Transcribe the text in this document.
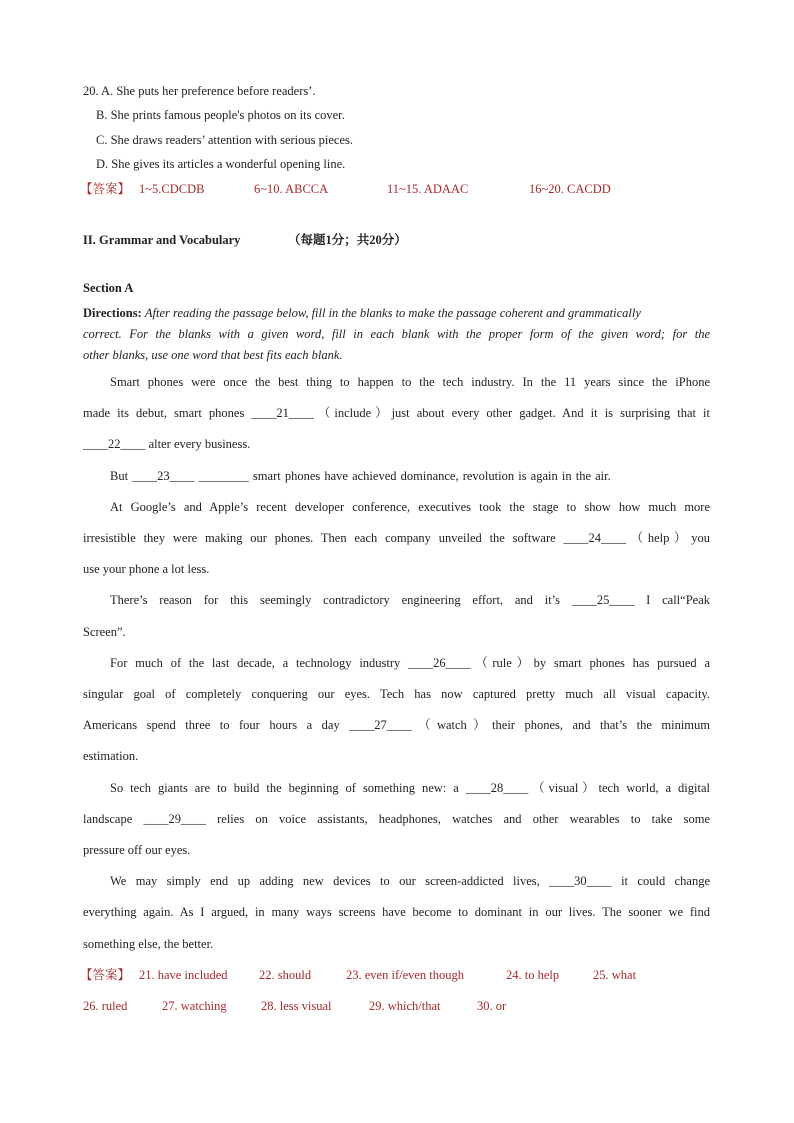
20. A. She puts her preference before readers’.
B. She prints famous people's photos on its cover.
C. She draws readers’ attention with serious pieces.
D. She gives its articles a wonderful opening line.
【答案】 1~5.CDCDB	6~10. ABCCA	11~15. ADAAC	16~20. CACDD
II. Grammar and Vocabulary	（每题1分；共20分）
Section A
Directions: After reading the passage below, fill in the blanks to make the passage coherent and grammatically
correct. For the blanks with a given word, fill in each blank with the proper form of the given word; for the
other blanks, use one word that best fits each blank.
Smart phones were once the best thing to happen to the tech industry. In the 11 years since the iPhone
made its debut, smart phones ____21____（include）just about every other gadget. And it is surprising that it
____22____ alter every business.
But ____23____ ________ smart phones have achieved dominance, revolution is again in the air.
At Google’s and Apple’s recent developer conference, executives took the stage to show how much more
irresistible they were making our phones. Then each company unveiled the software ____24____（help）you
use your phone a lot less.
There’s reason for this seemingly contradictory engineering effort, and it’s ____25____ I call“Peak
Screen”.
For much of the last decade, a technology industry ____26____（rule）by smart phones has pursued a
singular goal of completely conquering our eyes. Tech has now captured pretty much all visual capacity.
Americans spend three to four hours a day ____27____（watch）their phones, and that’s the minimum
estimation.
So tech giants are to build the beginning of something new: a ____28____（visual）tech world, a digital
landscape ____29____ relies on voice assistants, headphones, watches and other wearables to take some
pressure off our eyes.
We may simply end up adding new devices to our screen-addicted lives, ____30____ it could change
everything again. As I argued, in many ways screens have become to dominant in our lives. The sooner we find
something else, the better.
【答案】 21. have included	22. should	23. even if/even though	24. to help	25. what
26. ruled	27. watching	28. less visual	29. which/that	30. or
